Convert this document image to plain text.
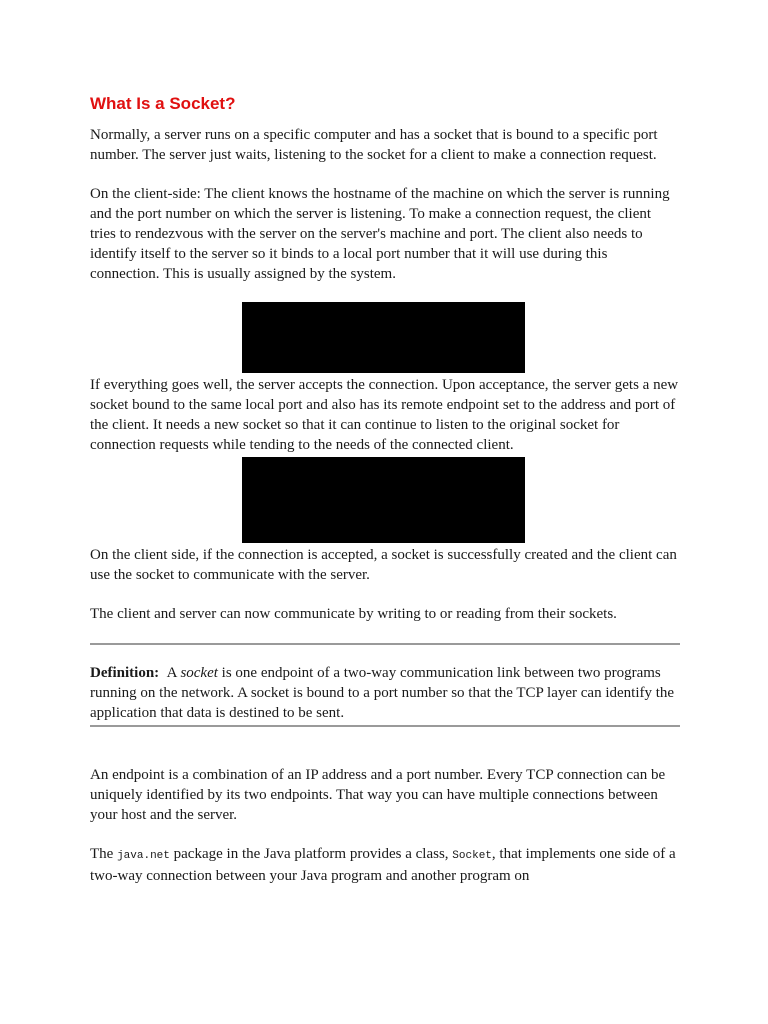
What Is a Socket?

Normally, a server runs on a specific computer and has a socket that is bound to a specific port number. The server just waits, listening to the socket for a client to make a connection request.

On the client-side: The client knows the hostname of the machine on which the server is running and the port number on which the server is listening. To make a connection request, the client tries to rendezvous with the server on the server's machine and port. The client also needs to identify itself to the server so it binds to a local port number that it will use during this connection. This is usually assigned by the system.

If everything goes well, the server accepts the connection. Upon acceptance, the server gets a new socket bound to the same local port and also has its remote endpoint set to the address and port of the client. It needs a new socket so that it can continue to listen to the original socket for connection requests while tending to the needs of the connected client.

On the client side, if the connection is accepted, a socket is successfully created and the client can use the socket to communicate with the server.

The client and server can now communicate by writing to or reading from their sockets.

Definition: A socket is one endpoint of a two-way communication link between two programs running on the network. A socket is bound to a port number so that the TCP layer can identify the application that data is destined to be sent.

An endpoint is a combination of an IP address and a port number. Every TCP connection can be uniquely identified by its two endpoints. That way you can have multiple connections between your host and the server.

The java.net package in the Java platform provides a class, Socket, that implements one side of a two-way connection between your Java program and another program on
